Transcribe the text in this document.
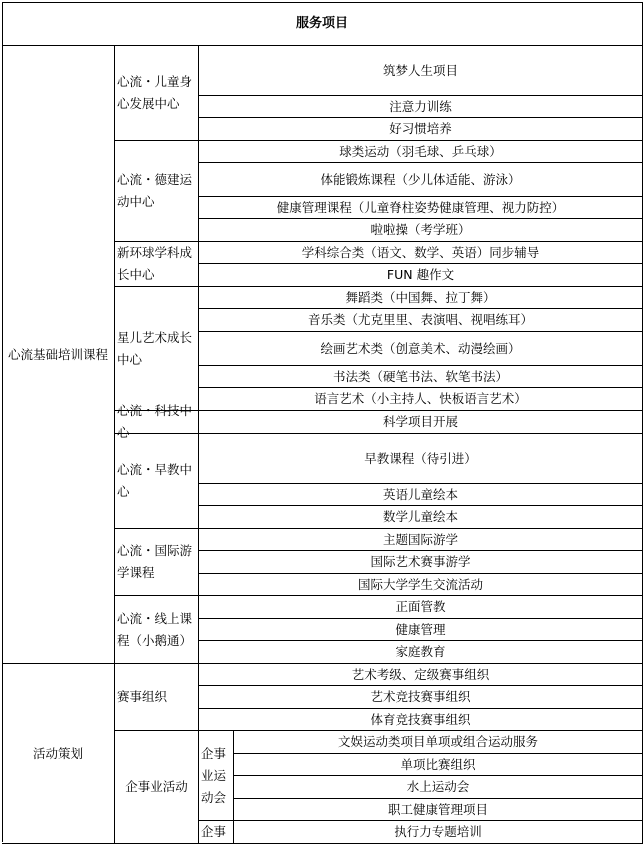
服务项目
筑梦人生项目
注意力训练
好习惯培养
心流・儿童身心发展中心
球类运动（羽毛球、乒乓球）
体能锻炼课程（少儿体适能、游泳）
健康管理课程（儿童脊柱姿势健康管理、视力防控）
啦啦操（考学班）
心流・德建运动中心
学科综合类（语文、数学、英语）同步辅导
FUN 趣作文
新环球学科成长中心
舞蹈类（中国舞、拉丁舞）
音乐类（尤克里里、表演唱、视唱练耳）
绘画艺术类（创意美术、动漫绘画）
书法类（硬笔书法、软笔书法）
语言艺术（小主持人、快板语言艺术）
星儿艺术成长中心
科学项目开展
心流・科技中心
早教课程（待引进）
英语儿童绘本
数学儿童绘本
心流・早教中心
主题国际游学
国际艺术赛事游学
国际大学学生交流活动
心流・国际游学课程
正面管教
健康管理
家庭教育
心流・线上课程（小鹅通）
心流基础培训课程
艺术考级、定级赛事组织
艺术竞技赛事组织
体育竞技赛事组织
赛事组织
文娱运动类项目单项或组合运动服务
单项比赛组织
水上运动会
职工健康管理项目
企事业运动会
执行力专题培训
企事
企事业活动
活动策划
